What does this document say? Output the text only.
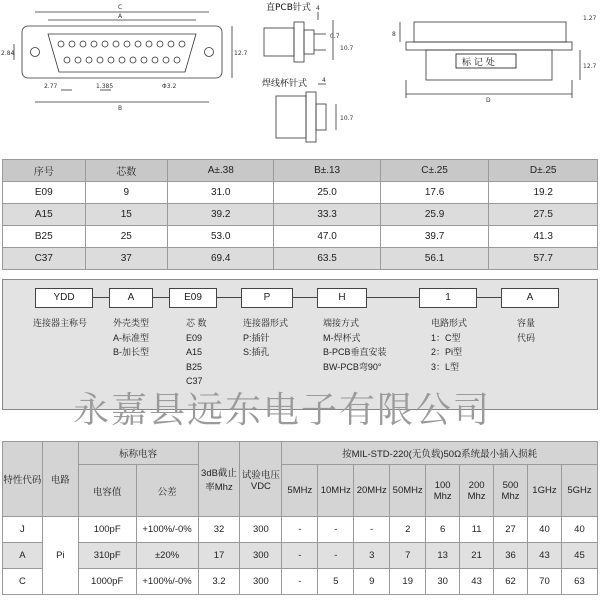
C
A
B
2.84	12.7
2.77	1.385	Φ3.2
直PCB针式 4
0.7
10.7
焊线杯针式 4
10.7
标 记 处
D
8
1.27
12.7
序号	芯数	A±.38	B±.13	C±.25	D±.25
E09	9	31.0	25.0	17.6	19.2
A15	15	39.2	33.3	25.9	27.5
B25	25	53.0	47.0	39.7	41.3
C37	37	69.4	63.5	56.1	57.7
YDD	A	E09	P	H	1	A
连接器主称号	外壳类型
A-标准型
B-加长型
芯 数
E09
A15
B25
C37
连接器形式
P:插针
S:插孔
端接方式
M-焊杯式
B-PCB垂直安装
BW-PCB弯90°
电路形式
1：C型
2：Pi型
3：L型
容量
代码
永嘉县远东电子有限公司
特性代码	电路	标称电容		3dB截止率Mhz	试验电压VDC	按MIL-STD-220(无负载)50Ω系统最小插入损耗								
		电容值	公差			5MHz	10MHz	20MHz	50MHz	100 Mhz	200 Mhz	500 Mhz	1GHz	5GHz
J	Pi	100pF	+100%/-0%	32	300	-	-	-	2	6	11	27	40	40
A		310pF	±20%	17	300	-	-	3	7	13	21	36	43	45
C		1000pF	+100%/-0%	3.2	300	-	5	9	19	30	43	62	70	63
